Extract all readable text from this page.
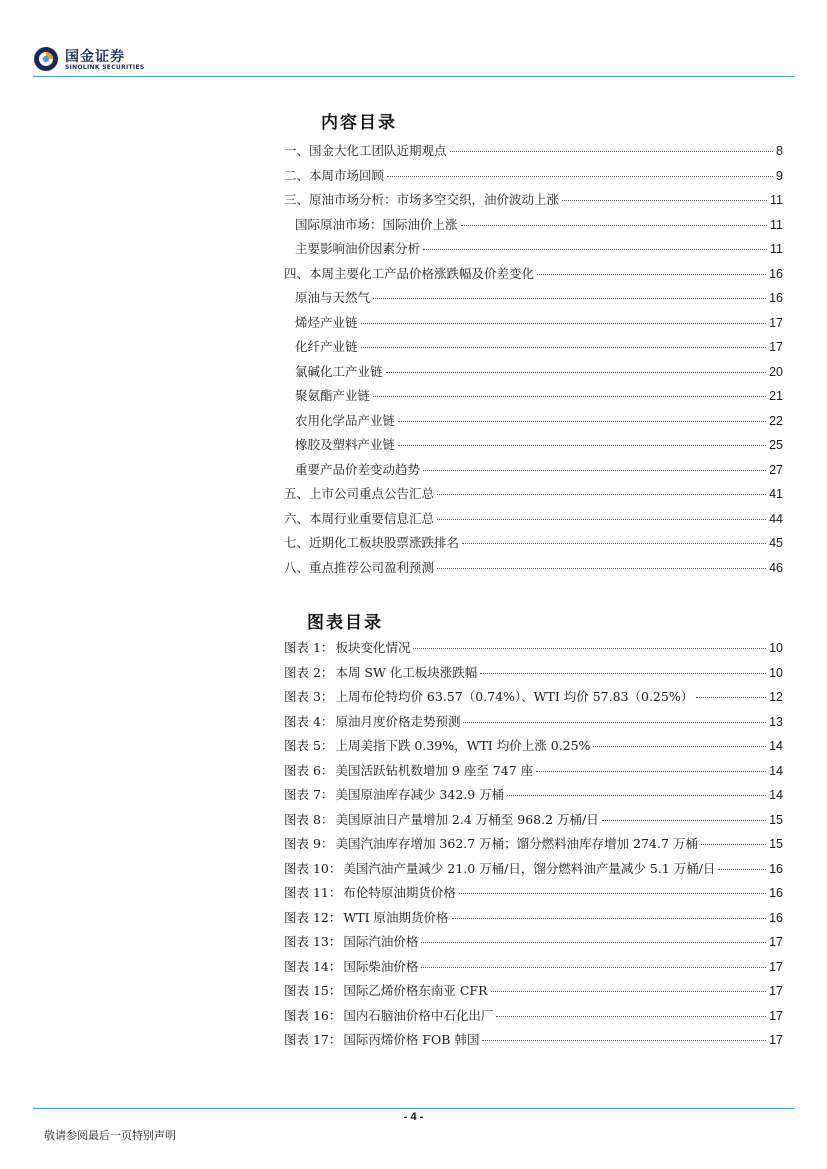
国金证券
SINOLINK SECURITIES
内容目录
一、国金大化工团队近期观点	8
二、本周市场回顾	9
三、原油市场分析：市场多空交织，油价波动上涨	11
国际原油市场：国际油价上涨	11
主要影响油价因素分析	11
四、本周主要化工产品价格涨跌幅及价差变化	16
原油与天然气	16
烯烃产业链	17
化纤产业链	17
氯碱化工产业链	20
聚氨酯产业链	21
农用化学品产业链	22
橡胶及塑料产业链	25
重要产品价差变动趋势	27
五、上市公司重点公告汇总	41
六、本周行业重要信息汇总	44
七、近期化工板块股票涨跌排名	45
八、重点推荐公司盈利预测	46
图表目录
图表 1： 板块变化情况	10
图表 2： 本周 SW 化工板块涨跌幅	10
图表 3： 上周布伦特均价 63.57（0.74%）、WTI 均价 57.83（0.25%）	12
图表 4： 原油月度价格走势预测	13
图表 5： 上周美指下跌 0.39%，WTI 均价上涨 0.25%	14
图表 6： 美国活跃钻机数增加 9 座至 747 座	14
图表 7： 美国原油库存减少 342.9 万桶	14
图表 8： 美国原油日产量增加 2.4 万桶至 968.2 万桶/日	15
图表 9： 美国汽油库存增加 362.7 万桶；馏分燃料油库存增加 274.7 万桶	15
图表 10： 美国汽油产量减少 21.0 万桶/日，馏分燃料油产量减少 5.1 万桶/日	16
图表 11： 布伦特原油期货价格	16
图表 12： WTI 原油期货价格	16
图表 13： 国际汽油价格	17
图表 14： 国际柴油价格	17
图表 15： 国际乙烯价格东南亚 CFR	17
图表 16： 国内石脑油价格中石化出厂	17
图表 17： 国际丙烯价格 FOB 韩国	17
- 4 -
敬请参阅最后一页特别声明
